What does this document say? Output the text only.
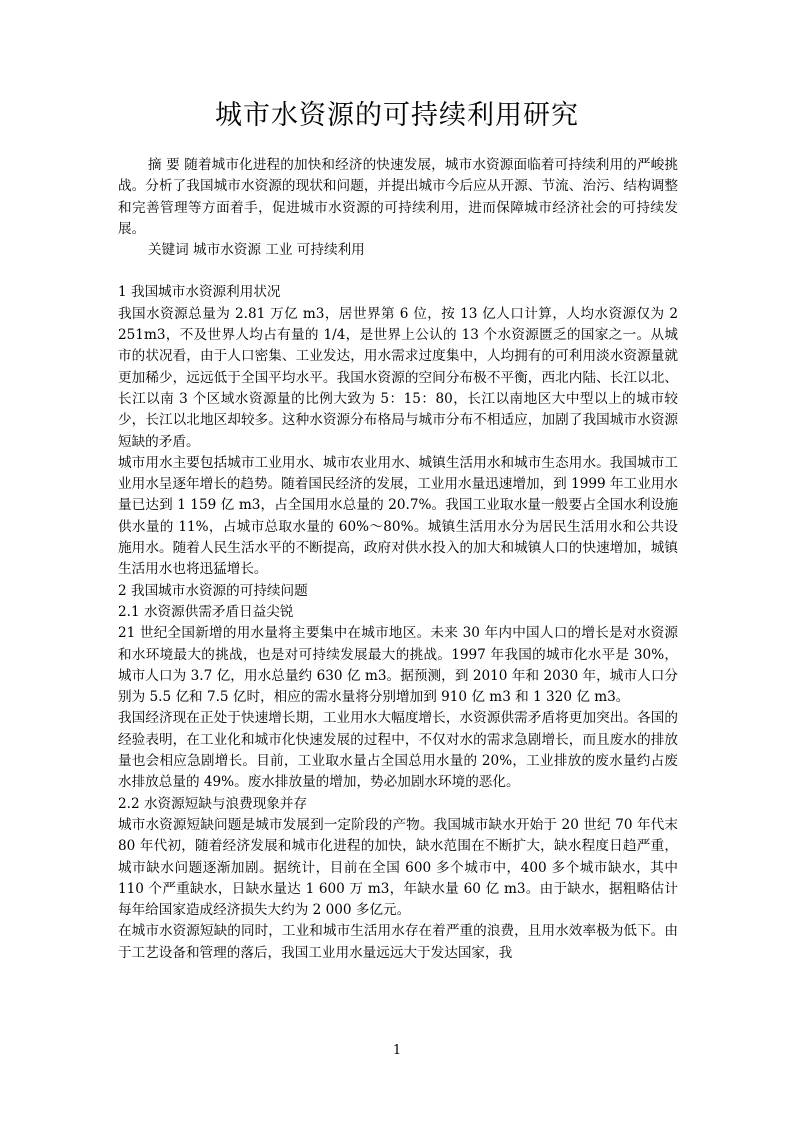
城市水资源的可持续利用研究

摘 要 随着城市化进程的加快和经济的快速发展，城市水资源面临着可持续利用的严峻挑战。分析了我国城市水资源的现状和问题，并提出城市今后应从开源、节流、治污、结构调整和完善管理等方面着手，促进城市水资源的可持续利用，进而保障城市经济社会的可持续发展。

关键词 城市水资源 工业 可持续利用

1 我国城市水资源利用状况

我国水资源总量为 2.81 万亿 m3，居世界第 6 位，按 13 亿人口计算，人均水资源仅为 2 251m3，不及世界人均占有量的 1/4，是世界上公认的 13 个水资源匮乏的国家之一。从城市的状况看，由于人口密集、工业发达，用水需求过度集中，人均拥有的可利用淡水资源量就更加稀少，远远低于全国平均水平。我国水资源的空间分布极不平衡，西北内陆、长江以北、长江以南 3 个区域水资源量的比例大致为 5：15：80，长江以南地区大中型以上的城市较少，长江以北地区却较多。这种水资源分布格局与城市分布不相适应，加剧了我国城市水资源短缺的矛盾。

城市用水主要包括城市工业用水、城市农业用水、城镇生活用水和城市生态用水。我国城市工业用水呈逐年增长的趋势。随着国民经济的发展，工业用水量迅速增加，到 1999 年工业用水量已达到 1 159 亿 m3，占全国用水总量的 20.7%。我国工业取水量一般要占全国水利设施供水量的 11%，占城市总取水量的 60%～80%。城镇生活用水分为居民生活用水和公共设施用水。随着人民生活水平的不断提高，政府对供水投入的加大和城镇人口的快速增加，城镇生活用水也将迅猛增长。

2 我国城市水资源的可持续问题

2.1 水资源供需矛盾日益尖锐

21 世纪全国新增的用水量将主要集中在城市地区。未来 30 年内中国人口的增长是对水资源和水环境最大的挑战，也是对可持续发展最大的挑战。1997 年我国的城市化水平是 30%，城市人口为 3.7 亿，用水总量约 630 亿 m3。据预测，到 2010 年和 2030 年，城市人口分别为 5.5 亿和 7.5 亿时，相应的需水量将分别增加到 910 亿 m3 和 1 320 亿 m3。

我国经济现在正处于快速增长期，工业用水大幅度增长，水资源供需矛盾将更加突出。各国的经验表明，在工业化和城市化快速发展的过程中，不仅对水的需求急剧增长，而且废水的排放量也会相应急剧增长。目前，工业取水量占全国总用水量的 20%，工业排放的废水量约占废水排放总量的 49%。废水排放量的增加，势必加剧水环境的恶化。

2.2 水资源短缺与浪费现象并存

城市水资源短缺问题是城市发展到一定阶段的产物。我国城市缺水开始于 20 世纪 70 年代末 80 年代初，随着经济发展和城市化进程的加快，缺水范围在不断扩大，缺水程度日趋严重，城市缺水问题逐渐加剧。据统计，目前在全国 600 多个城市中，400 多个城市缺水，其中 110 个严重缺水，日缺水量达 1 600 万 m3，年缺水量 60 亿 m3。由于缺水，据粗略估计每年给国家造成经济损失大约为 2 000 多亿元。

在城市水资源短缺的同时，工业和城市生活用水存在着严重的浪费，且用水效率极为低下。由于工艺设备和管理的落后，我国工业用水量远远大于发达国家，我

1
